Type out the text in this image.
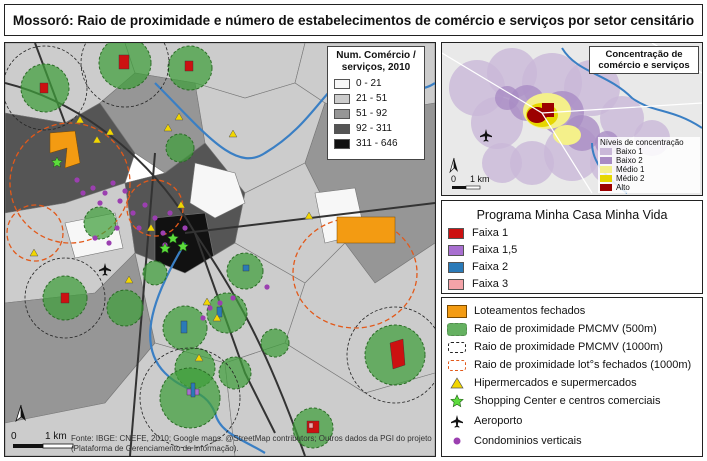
Mossoró: Raio de proximidade e número de estabelecimentos de comércio e serviços por setor censitário
Num. Comércio / serviços, 2010
0 - 21
21 - 51
51 - 92
92 - 311
311 - 646
0	1 km Fonte: IBGE: CNEFE, 2010; Google maps. @StreetMap contributors; Outros dados da PGI do projeto
(Plataforma de Gerenciamento da Informação).
Concentração de comércio e serviços
Níveis de concentração
Baixo 1
Baixo 2
Médio 1
Médio 2
Alto
0 1 km
Programa Minha Casa Minha Vida
Faixa 1
Faixa 1,5
Faixa 2
Faixa 3
Loteamentos fechados
Raio de proximidade PMCMV (500m)
Raio de proximidade PMCMV (1000m)
Raio de proximidade lot°s fechados (1000m)
Hipermercados e supermercados
Shopping Center e centros comerciais
Aeroporto
Condominios verticais
